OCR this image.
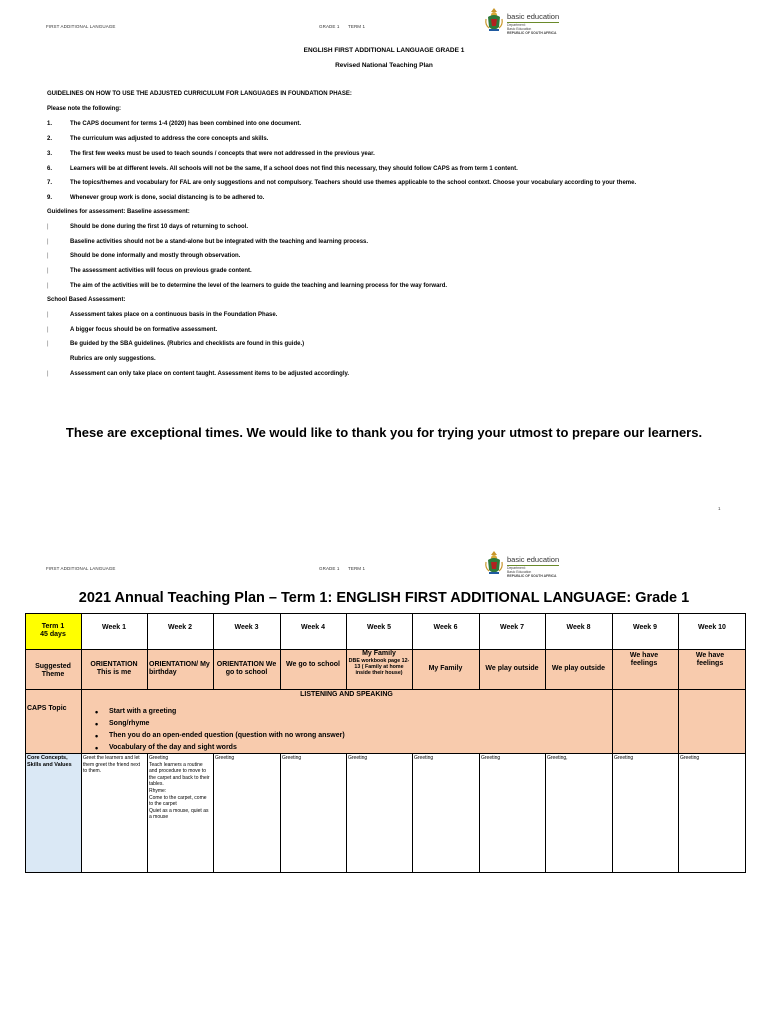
FIRST ADDITIONAL LANGUAGE	GRADE 1 TERM 1
basic education
Department:
Basic Education
REPUBLIC OF SOUTH AFRICA
ENGLISH FIRST ADDITIONAL LANGUAGE GRADE 1
Revised National Teaching Plan
GUIDELINES ON HOW TO USE THE ADJUSTED CURRICULUM FOR LANGUAGES IN FOUNDATION PHASE:
Please note the following:
1.	The CAPS document for terms 1-4 (2020) has been combined into one document.
2.	The curriculum was adjusted to address the core concepts and skills.
3.	The first few weeks must be used to teach sounds / concepts that were not addressed in the previous year.
6.	Learners will be at different levels. All schools will not be the same, If a school does not find this necessary, they should follow CAPS as from term 1 content.
7.	The topics/themes and vocabulary for FAL are only suggestions and not compulsory. Teachers should use themes applicable to the school context. Choose your vocabulary according to your theme.
9.	Whenever group work is done, social distancing is to be adhered to.
Guidelines for assessment: Baseline assessment:
|	Should be done during the first 10 days of returning to school.
|	Baseline activities should not be a stand-alone but be integrated with the teaching and learning process.
|	Should be done informally and mostly through observation.
|	The assessment activities will focus on previous grade content.
|	The aim of the activities will be to determine the level of the learners to guide the teaching and learning process for the way forward.
School Based Assessment:
|	Assessment takes place on a continuous basis in the Foundation Phase.
|	A bigger focus should be on formative assessment.
|	Be guided by the SBA guidelines. (Rubrics and checklists are found in this guide.)
Rubrics are only suggestions.
|	Assessment can only take place on content taught. Assessment items to be adjusted accordingly.
These are exceptional times. We would like to thank you for trying your utmost to prepare our learners.
1
FIRST ADDITIONAL LANGUAGE	GRADE 1 TERM 1
basic education
Department:
Basic Education
REPUBLIC OF SOUTH AFRICA
2021 Annual Teaching Plan – Term 1: ENGLISH FIRST ADDITIONAL LANGUAGE: Grade 1
Term 1
45 days
Week 1	Week 2	Week 3	Week 4	Week 5	Week 6	Week 7	Week 8	Week 9	Week 10
Suggested Theme
ORIENTATION This is me
ORIENTATION/ My birthday
ORIENTATION We go to school
We go to school
My Family
DBE workbook page 12-13 ( Family at home inside their house)
My Family	We play outside	We play outside
We have feelings
We have feelings
LISTENING AND SPEAKING
CAPS Topic
•	Start with a greeting
• Song/rhyme
• Then you do an open-ended question (question with no wrong answer)
• Vocabulary of the day and sight words
Core Concepts, Skills and Values
Greet the learners and let them greet the friend next to them.
Greeting
Teach learners a routine and procedure to move to the carpet and back to their tables.
Rhyme:
Come to the carpet, come to the carpet
Quiet as a mouse, quiet as a mouse
Greeting	Greeting	Greeting	Greeting	Greeting	Greeting,	Greeting	Greeting
